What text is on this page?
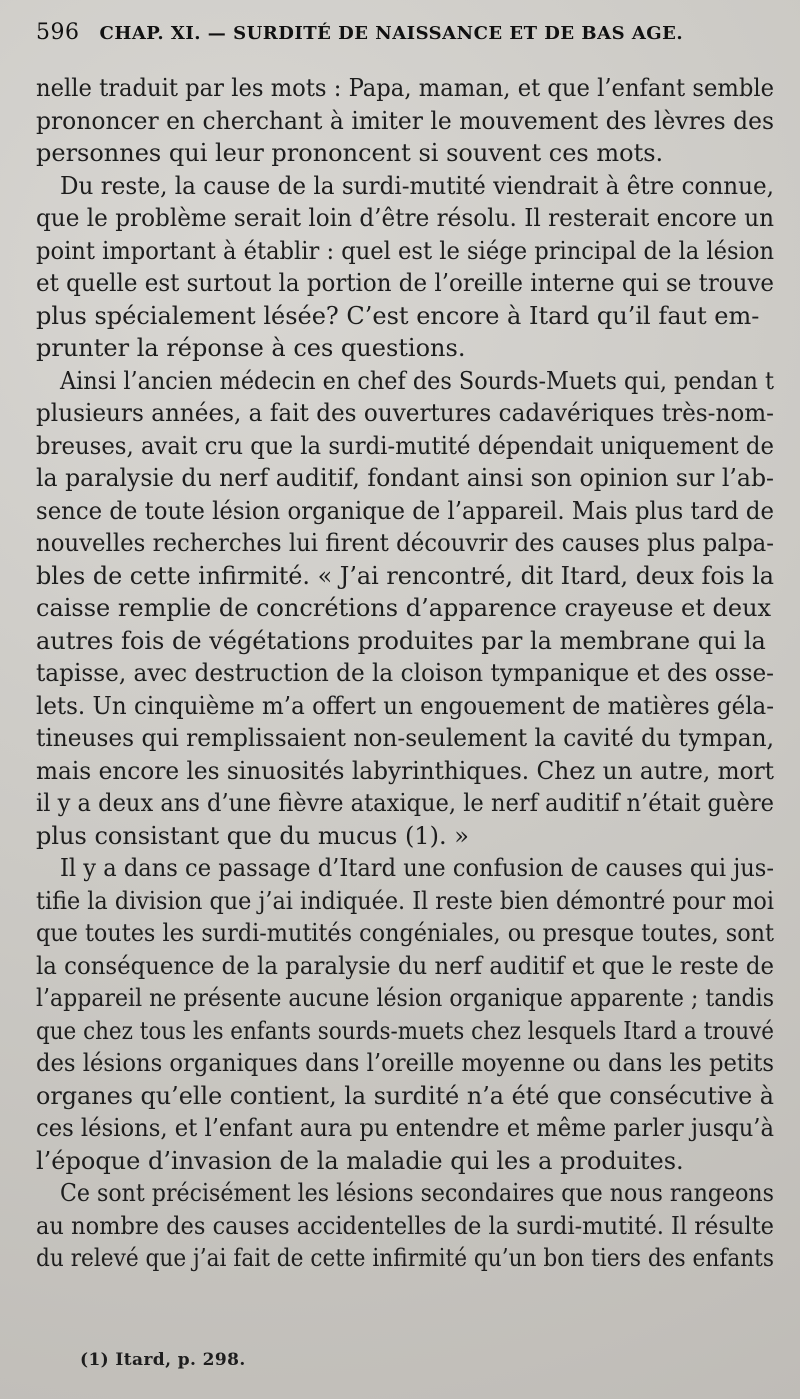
596 CHAP. XI. — SURDITÉ DE NAISSANCE ET DE BAS AGE.

nelle traduit par les mots : Papa, maman, et que l’enfant semble
prononcer en cherchant à imiter le mouvement des lèvres des
personnes qui leur prononcent si souvent ces mots.

Du reste, la cause de la surdi-mutité viendrait à être connue,
que le problème serait loin d’être résolu. Il resterait encore un
point important à établir : quel est le siége principal de la lésion
et quelle est surtout la portion de l’oreille interne qui se trouve
plus spécialement lésée? C’est encore à Itard qu’il faut em-
prunter la réponse à ces questions.

Ainsi l’ancien médecin en chef des Sourds-Muets qui, pendan t
plusieurs années, a fait des ouvertures cadavériques très-nom-
breuses, avait cru que la surdi-mutité dépendait uniquement de
la paralysie du nerf auditif, fondant ainsi son opinion sur l’ab-
sence de toute lésion organique de l’appareil. Mais plus tard de
nouvelles recherches lui firent découvrir des causes plus palpa-
bles de cette infirmité. « J’ai rencontré, dit Itard, deux fois la
caisse remplie de concrétions d’apparence crayeuse et deux
autres fois de végétations produites par la membrane qui la
tapisse, avec destruction de la cloison tympanique et des osse-
lets. Un cinquième m’a offert un engouement de matières géla-
tineuses qui remplissaient non-seulement la cavité du tympan,
mais encore les sinuosités labyrinthiques. Chez un autre, mort
il y a deux ans d’une fièvre ataxique, le nerf auditif n’était guère
plus consistant que du mucus (1). »

Il y a dans ce passage d’Itard une confusion de causes qui jus-
tifie la division que j’ai indiquée. Il reste bien démontré pour moi
que toutes les surdi-mutités congéniales, ou presque toutes, sont
la conséquence de la paralysie du nerf auditif et que le reste de
l’appareil ne présente aucune lésion organique apparente ; tandis
que chez tous les enfants sourds-muets chez lesquels Itard a trouvé
des lésions organiques dans l’oreille moyenne ou dans les petits
organes qu’elle contient, la surdité n’a été que consécutive à
ces lésions, et l’enfant aura pu entendre et même parler jusqu’à
l’époque d’invasion de la maladie qui les a produites.

Ce sont précisément les lésions secondaires que nous rangeons
au nombre des causes accidentelles de la surdi-mutité. Il résulte
du relevé que j’ai fait de cette infirmité qu’un bon tiers des enfants

(1) Itard, p. 298.
